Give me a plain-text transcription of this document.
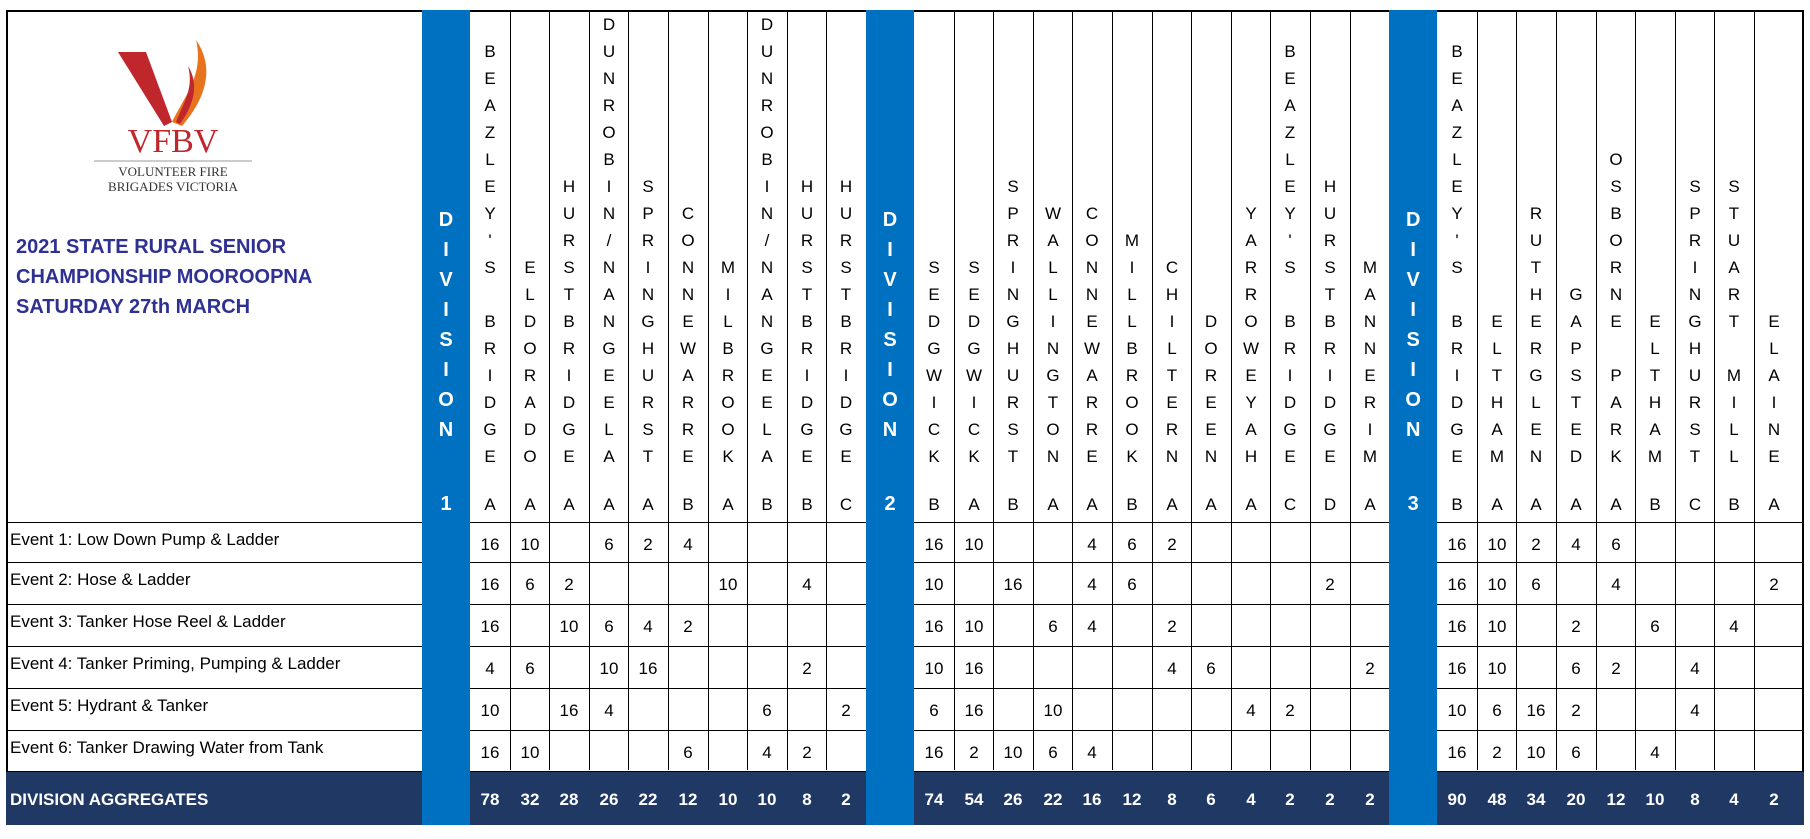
VFBV
VOLUNTEER FIRE
BRIGADES VICTORIA
2021 STATE RURAL SENIOR
CHAMPIONSHIP MOOROOPNA
SATURDAY 27th MARCH
DIVISION AGGREGATES
Event 1: Low Down Pump & Ladder
Event 2: Hose & Ladder
Event 3: Tanker Hose Reel & Ladder
Event 4: Tanker Priming, Pumping & Ladder
Event 5: Hydrant & Tanker
Event 6: Tanker Drawing Water from Tank
D
I
V
I
S
I
O
N
1
B
E
A
Z
L
E
Y
'
S

B
R
I
D
G
E
A
16
16
16
4
10
16
78
E
L
D
O
R
A
D
O
A
10
6
6
10
32
H
U
R
S
T
B
R
I
D
G
E
A
2
10
16
28
D
U
N
R
O
B
I
N
/
N
A
N
G
E
E
L
A
A
6
6
10
4
26
S
P
R
I
N
G
H
U
R
S
T
A
2
4
16
22
C
O
N
N
E
W
A
R
R
E
B
4
2
6
12
M
I
L
B
R
O
O
K
A
10
10
D
U
N
R
O
B
I
N
/
N
A
N
G
E
E
L
A
B
6
4
10
H
U
R
S
T
B
R
I
D
G
E
B
4
2
2
8
H
U
R
S
T
B
R
I
D
G
E
C
2
2
D
I
V
I
S
I
O
N
2
S
E
D
G
W
I
C
K
B
16
10
16
10
6
16
74
S
E
D
G
W
I
C
K
A
10
10
16
16
2
54
S
P
R
I
N
G
H
U
R
S
T
B
16
10
26
W
A
L
L
I
N
G
T
O
N
A
6
10
6
22
C
O
N
N
E
W
A
R
R
E
A
4
4
4
4
16
M
I
L
L
B
R
O
O
K
B
6
6
12
C
H
I
L
T
E
R
N
A
2
2
4
8
D
O
R
E
E
N
A
6
6
Y
A
R
R
O
W
E
Y
A
H
A
4
4
B
E
A
Z
L
E
Y
'
S

B
R
I
D
G
E
C
2
2
H
U
R
S
T
B
R
I
D
G
E
D
2
2
M
A
N
N
E
R
I
M
A
2
2
D
I
V
I
S
I
O
N
3
B
E
A
Z
L
E
Y
'
S

B
R
I
D
G
E
B
16
16
16
16
10
16
90
E
L
T
H
A
M
A
10
10
10
10
6
2
48
R
U
T
H
E
R
G
L
E
N
A
2
6
16
10
34
G
A
P
S
T
E
D
A
4
2
6
2
6
20
O
S
B
O
R
N
E

P
A
R
K
A
6
4
2
12
E
L
T
H
A
M
B
6
4
10
S
P
R
I
N
G
H
U
R
S
T
C
4
4
8
S
T
U
A
R
T

M
I
L
L
B
4
4
E
L
A
I
N
E
A
2
2
